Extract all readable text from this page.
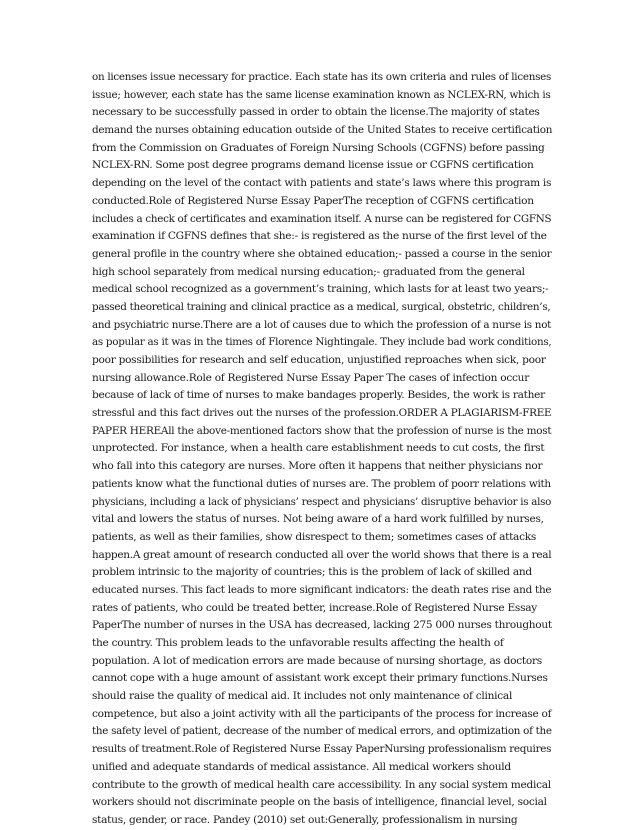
on licenses issue necessary for practice. Each state has its own criteria and rules of licenses
issue; however, each state has the same license examination known as NCLEX-RN, which is
necessary to be successfully passed in order to obtain the license.The majority of states
demand the nurses obtaining education outside of the United States to receive certification
from the Commission on Graduates of Foreign Nursing Schools (CGFNS) before passing
NCLEX-RN. Some post degree programs demand license issue or CGFNS certification
depending on the level of the contact with patients and state’s laws where this program is
conducted.Role of Registered Nurse Essay PaperThe reception of CGFNS certification
includes a check of certificates and examination itself. A nurse can be registered for CGFNS
examination if CGFNS defines that she:- is registered as the nurse of the first level of the
general profile in the country where she obtained education;- passed a course in the senior
high school separately from medical nursing education;- graduated from the general
medical school recognized as a government’s training, which lasts for at least two years;-
passed theoretical training and clinical practice as a medical, surgical, obstetric, children’s,
and psychiatric nurse.There are a lot of causes due to which the profession of a nurse is not
as popular as it was in the times of Florence Nightingale. They include bad work conditions,
poor possibilities for research and self education, unjustified reproaches when sick, poor
nursing allowance.Role of Registered Nurse Essay Paper The cases of infection occur
because of lack of time of nurses to make bandages properly. Besides, the work is rather
stressful and this fact drives out the nurses of the profession.ORDER A PLAGIARISM-FREE
PAPER HEREAll the above-mentioned factors show that the profession of nurse is the most
unprotected. For instance, when a health care establishment needs to cut costs, the first
who fall into this category are nurses. More often it happens that neither physicians nor
patients know what the functional duties of nurses are. The problem of poorr relations with
physicians, including a lack of physicians’ respect and physicians’ disruptive behavior is also
vital and lowers the status of nurses. Not being aware of a hard work fulfilled by nurses,
patients, as well as their families, show disrespect to them; sometimes cases of attacks
happen.A great amount of research conducted all over the world shows that there is a real
problem intrinsic to the majority of countries; this is the problem of lack of skilled and
educated nurses. This fact leads to more significant indicators: the death rates rise and the
rates of patients, who could be treated better, increase.Role of Registered Nurse Essay
PaperThe number of nurses in the USA has decreased, lacking 275 000 nurses throughout
the country. This problem leads to the unfavorable results affecting the health of
population. A lot of medication errors are made because of nursing shortage, as doctors
cannot cope with a huge amount of assistant work except their primary functions.Nurses
should raise the quality of medical aid. It includes not only maintenance of clinical
competence, but also a joint activity with all the participants of the process for increase of
the safety level of patient, decrease of the number of medical errors, and optimization of the
results of treatment.Role of Registered Nurse Essay PaperNursing professionalism requires
unified and adequate standards of medical assistance. All medical workers should
contribute to the growth of medical health care accessibility. In any social system medical
workers should not discriminate people on the basis of intelligence, financial level, social
status, gender, or race. Pandey (2010) set out:Generally, professionalism in nursing
